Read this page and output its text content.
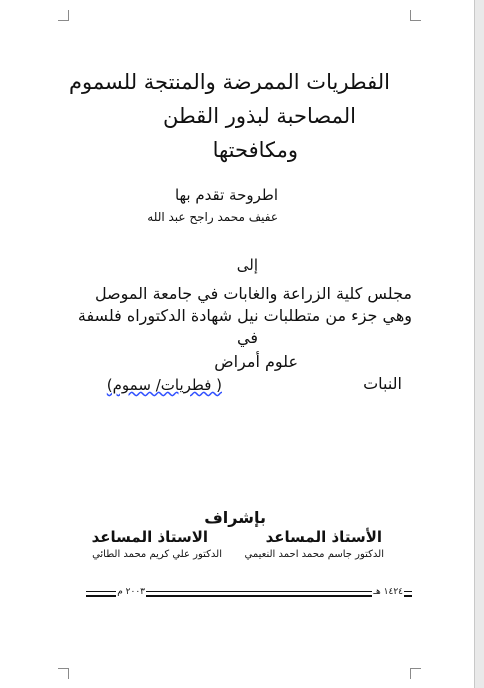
الفطريات الممرضة والمنتجة للسموم
المصاحبة لبذور القطن
ومكافحتها
اطروحة تقدم بها
عفيف محمد راجح عبد الله
إلى
مجلس كلية الزراعة والغابات في جامعة الموصل
وهي جزء من متطلبات نيل شهادة الدكتوراه فلسفة
في
علوم أمراض
النبات
( فطريات/ سموم)
بإشراف
الأستاذ المساعد
الاستاذ المساعد
الدكتور جاسم محمد احمد النعيمي
الدكتور علي كريم محمد الطائي
١٤٢٤ هـ
٢٠٠٣ م
